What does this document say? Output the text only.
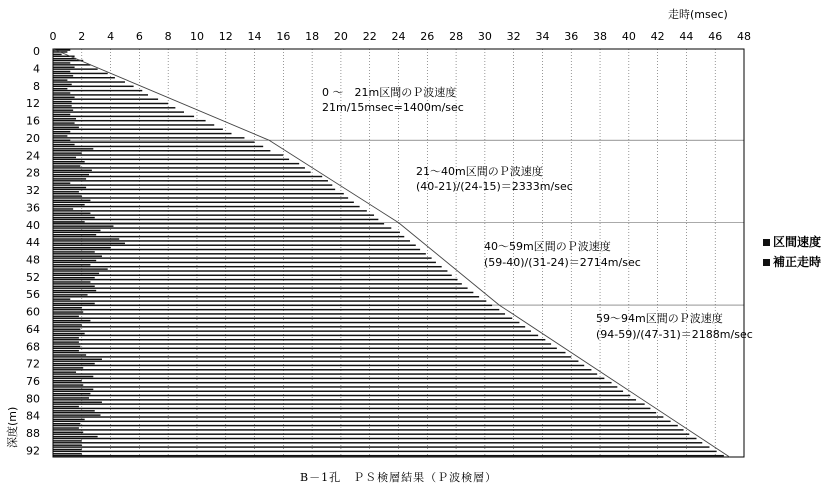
0 2 4 6 8 10 12 14 16 18 20 22 24 26 28 30 32 34 36 38 40 42 44 46 48
0
4
8
12
16
20
24
28
32
36
40
44
48
52
56
60
64
68
72
76
80
84
88
92
走時(msec)
深度(m)
0 ～　21m区間のＰ波速度
21m/15msec=1400m/sec
21～40m区間のＰ波速度
(40-21)/(24-15)＝2333m/sec
40～59m区間のＰ波速度
(59-40)/(31-24)＝2714m/sec
59～94m区間のＰ波速度
(94-59)/(47-31)＝2188m/sec
区間速度
補正走時
B－1孔　ＰＳ検層結果（Ｐ波検層）
